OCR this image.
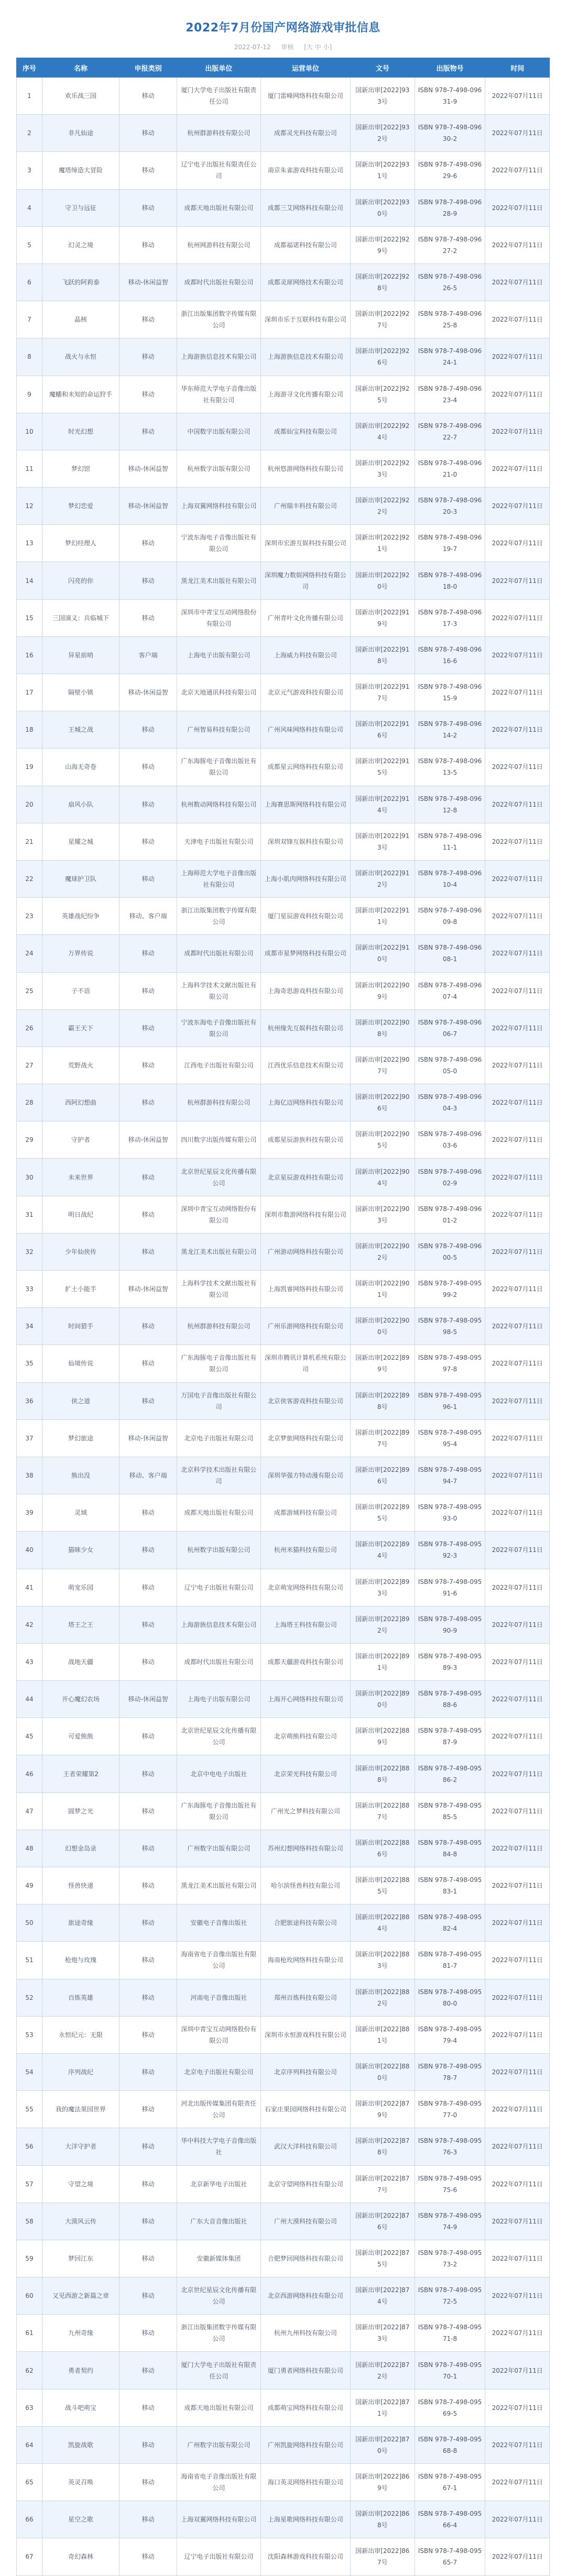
2022年7月份国产网络游戏审批信息
2022-07-12 审核 [大 中 小]
序号	名称	申报类别	出版单位	运营单位	文号	出版物号	时间
1	欢乐战三国	移动	厦门大学电子出版社有限责任公司	厦门雷峰网络科技有限公司	国新出审[2022]933号	ISBN 978-7-498-09631-9	2022年07月11日
2	非凡仙途	移动	杭州群游科技有限公司	成都灵光科技有限公司	国新出审[2022]932号	ISBN 978-7-498-09630-2	2022年07月11日
3	魔塔缔造大冒险	移动	辽宁电子出版社有限责任公司	南京朱雀游戏科技有限公司	国新出审[2022]931号	ISBN 978-7-498-09629-6	2022年07月11日
4	守卫与远征	移动	成都天地出版社有限公司	成都三艾网络科技有限公司	国新出审[2022]930号	ISBN 978-7-498-09628-9	2022年07月11日
5	幻灵之境	移动	杭州网游科技有限公司	成都福诺科技有限公司	国新出审[2022]929号	ISBN 978-7-498-09627-2	2022年07月11日
6	飞跃的阿莉泰	移动-休闲益智	成都时代出版社有限公司	成都灵犀网络技术有限公司	国新出审[2022]928号	ISBN 978-7-498-09626-5	2022年07月11日
7	晶核	移动	浙江出版集团数字传媒有限公司	深圳市乐于互联科技有限公司	国新出审[2022]927号	ISBN 978-7-498-09625-8	2022年07月11日
8	战火与永恒	移动	上海游族信息技术有限公司	上海游族信息技术有限公司	国新出审[2022]926号	ISBN 978-7-498-09624-1	2022年07月11日
9	魔幡和未知的命运狩手	移动	华东师范大学电子音像出版社有限公司	上海游寻文化传播有限公司	国新出审[2022]925号	ISBN 978-7-498-09623-4	2022年07月11日
10	时光幻想	移动	中国数字出版有限公司	成都仙宝科技有限公司	国新出审[2022]924号	ISBN 978-7-498-09622-7	2022年07月11日
11	梦幻馆	移动-休闲益智	杭州数字出版有限公司	杭州悠游网络科技有限公司	国新出审[2022]923号	ISBN 978-7-498-09621-0	2022年07月11日
12	梦幻恋爱	移动-休闲益智	上海双翼网络科技有限公司	广州瑞丰科技有限公司	国新出审[2022]922号	ISBN 978-7-498-09620-3	2022年07月11日
13	梦幻经理人	移动	宁波东海电子音像出版社有限公司	深圳市宏游互娱科技有限公司	国新出审[2022]921号	ISBN 978-7-498-09619-7	2022年07月11日
14	闪亮的你	移动	黑龙江美术出版社有限公司	深圳魔力数娱网络科技有限公司	国新出审[2022]920号	ISBN 978-7-498-09618-0	2022年07月11日
15	三国演义：兵临城下	移动	深圳市中青宝互动网络股份有限公司	广州青叶文化传播有限公司	国新出审[2022]919号	ISBN 978-7-498-09617-3	2022年07月11日
16	异星前哨	客户端	上海电子出版有限公司	上海威力科技有限公司	国新出审[2022]918号	ISBN 978-7-498-09616-6	2022年07月11日
17	隔壁小镇	移动-休闲益智	北京天地通讯科技有限公司	北京元气游戏科技有限公司	国新出审[2022]917号	ISBN 978-7-498-09615-9	2022年07月11日
18	王城之战	移动	广州智易科技有限公司	广州风味网络科技有限公司	国新出审[2022]916号	ISBN 978-7-498-09614-2	2022年07月11日
19	山海无奇卷	移动	广东海豚电子音像出版社有限公司	成都星云网络科技有限公司	国新出审[2022]915号	ISBN 978-7-498-09613-5	2022年07月11日
20	扇风小队	移动	杭州数动网络科技有限公司	上海赛思斯网络科技有限公司	国新出审[2022]914号	ISBN 978-7-498-09612-8	2022年07月11日
21	星耀之城	移动	天津电子出版社有限公司	深圳双锋互娱科技有限公司	国新出审[2022]913号	ISBN 978-7-498-09611-1	2022年07月11日
22	魔球护卫队	移动	上海师范大学电子音像出版社有限公司	上海小肌肉网络科技有限公司	国新出审[2022]912号	ISBN 978-7-498-09610-4	2022年07月11日
23	英雄战纪纷争	移动、客户端	浙江出版集团数字传媒有限公司	厦门星辰游戏科技有限公司	国新出审[2022]911号	ISBN 978-7-498-09609-8	2022年07月11日
24	万界传说	移动	成都时代出版社有限公司	成都市星梦网络科技有限公司	国新出审[2022]910号	ISBN 978-7-498-09608-1	2022年07月11日
25	子不语	移动	上海科学技术文献出版社有限公司	上海奇思游戏科技有限公司	国新出审[2022]909号	ISBN 978-7-498-09607-4	2022年07月11日
26	霸王天下	移动	宁波东海电子音像出版社有限公司	杭州缘先互娱科技有限公司	国新出审[2022]908号	ISBN 978-7-498-09606-7	2022年07月11日
27	荒野战火	移动	江西电子出版社有限公司	江西优乐信息技术有限公司	国新出审[2022]907号	ISBN 978-7-498-09605-0	2022年07月11日
28	西阿幻想曲	移动	杭州群游科技有限公司	上海亿迈网络科技有限公司	国新出审[2022]906号	ISBN 978-7-498-09604-3	2022年07月11日
29	守护者	移动-休闲益智	四川数字出版传媒有限公司	成都星辰游族科技有限公司	国新出审[2022]905号	ISBN 978-7-498-09603-6	2022年07月11日
30	未来世界	移动	北京世纪星辰文化传播有限公司	北京星辰游戏科技有限公司	国新出审[2022]904号	ISBN 978-7-498-09602-9	2022年07月11日
31	明日战纪	移动	深圳中青宝互动网络股份有限公司	深圳市数游网络科技有限公司	国新出审[2022]903号	ISBN 978-7-498-09601-2	2022年07月11日
32	少年仙侠传	移动	黑龙江美术出版社有限公司	广州游动网络科技有限公司	国新出审[2022]902号	ISBN 978-7-498-09600-5	2022年07月11日
33	扩土小能手	移动-休闲益智	上海科学技术文献出版社有限公司	上海凯睿网络科技有限公司	国新出审[2022]901号	ISBN 978-7-498-09599-2	2022年07月11日
34	时间猎手	移动	杭州群游科技有限公司	广州乐游网络科技有限公司	国新出审[2022]900号	ISBN 978-7-498-09598-5	2022年07月11日
35	仙境传说	移动	广东海豚电子音像出版社有限公司	深圳市腾讯计算机系统有限公司	国新出审[2022]899号	ISBN 978-7-498-09597-8	2022年07月11日
36	侠之道	移动	万国电子音像出版社有限公司	北京侠客游戏科技有限公司	国新出审[2022]898号	ISBN 978-7-498-09596-1	2022年07月11日
37	梦幻旅途	移动-休闲益智	北京电子出版社有限公司	北京梦旅网络科技有限公司	国新出审[2022]897号	ISBN 978-7-498-09595-4	2022年07月11日
38	熊出没	移动、客户端	北京科学技术出版社有限公司	深圳华强方特动漫有限公司	国新出审[2022]896号	ISBN 978-7-498-09594-7	2022年07月11日
39	灵域	移动	成都天地出版社有限公司	成都游域科技有限公司	国新出审[2022]895号	ISBN 978-7-498-09593-0	2022年07月11日
40	猫咪少女	移动	杭州数字出版有限公司	杭州米猫科技有限公司	国新出审[2022]894号	ISBN 978-7-498-09592-3	2022年07月11日
41	萌宠乐园	移动	辽宁电子出版社有限公司	北京萌宠网络科技有限公司	国新出审[2022]893号	ISBN 978-7-498-09591-6	2022年07月11日
42	塔王之王	移动	上海游族信息技术有限公司	上海塔王科技有限公司	国新出审[2022]892号	ISBN 978-7-498-09590-9	2022年07月11日
43	战地天疆	移动	成都时代出版社有限公司	成都天疆游戏科技有限公司	国新出审[2022]891号	ISBN 978-7-498-09589-3	2022年07月11日
44	开心魔幻农场	移动-休闲益智	上海电子出版有限公司	上海开心网络科技有限公司	国新出审[2022]890号	ISBN 978-7-498-09588-6	2022年07月11日
45	可爱熊熊	移动	北京世纪星辰文化传播有限公司	北京萌熊科技有限公司	国新出审[2022]889号	ISBN 978-7-498-09587-9	2022年07月11日
46	王者荣耀第2	移动	北京中电电子出版社	北京荣光科技有限公司	国新出审[2022]888号	ISBN 978-7-498-09586-2	2022年07月11日
47	圆梦之光	移动	广东海豚电子音像出版社有限公司	广州光之梦科技有限公司	国新出审[2022]887号	ISBN 978-7-498-09585-5	2022年07月11日
48	幻想金岛录	移动	广州数字出版有限公司	苏州幻想网络科技有限公司	国新出审[2022]886号	ISBN 978-7-498-09584-8	2022年07月11日
49	怪兽快递	移动	黑龙江美术出版社有限公司	哈尔滨怪兽科技有限公司	国新出审[2022]885号	ISBN 978-7-498-09583-1	2022年07月11日
50	旅途奇缘	移动	安徽电子音像出版社	合肥旅途科技有限公司	国新出审[2022]884号	ISBN 978-7-498-09582-4	2022年07月11日
51	枪炮与玫瑰	移动	海南省电子音像出版社有限公司	海南枪玫网络科技有限公司	国新出审[2022]883号	ISBN 978-7-498-09581-7	2022年07月11日
52	百炼英雄	移动	河南电子音像出版社	郑州百炼科技有限公司	国新出审[2022]882号	ISBN 978-7-498-09580-0	2022年07月11日
53	永恒纪元：无限	移动	深圳中青宝互动网络股份有限公司	深圳市永恒游戏科技有限公司	国新出审[2022]881号	ISBN 978-7-498-09579-4	2022年07月11日
54	序列战纪	移动	北京电子出版社有限公司	北京序列科技有限公司	国新出审[2022]880号	ISBN 978-7-498-09578-7	2022年07月11日
55	我的魔法果园世界	移动	河北出版传媒集团有限责任公司	石家庄果园网络科技有限公司	国新出审[2022]879号	ISBN 978-7-498-09577-0	2022年07月11日
56	大洋守护者	移动	华中科技大学电子音像出版社	武汉大洋科技有限公司	国新出审[2022]878号	ISBN 978-7-498-09576-3	2022年07月11日
57	守望之境	移动	北京新华电子出版社	北京守望网络科技有限公司	国新出审[2022]877号	ISBN 978-7-498-09575-6	2022年07月11日
58	大漠风云传	移动	广东大音音像出版社	广州大漠科技有限公司	国新出审[2022]876号	ISBN 978-7-498-09574-9	2022年07月11日
59	梦回江东	移动	安徽新媒体集团	合肥梦回网络科技有限公司	国新出审[2022]875号	ISBN 978-7-498-09573-2	2022年07月11日
60	又见西游之新篇之章	移动	北京世纪星辰文化传播有限公司	北京西游网络科技有限公司	国新出审[2022]874号	ISBN 978-7-498-09572-5	2022年07月11日
61	九州奇缘	移动	浙江出版集团数字传媒有限公司	杭州九州科技有限公司	国新出审[2022]873号	ISBN 978-7-498-09571-8	2022年07月11日
62	勇者契约	移动	厦门大学电子出版社有限责任公司	厦门勇者网络科技有限公司	国新出审[2022]872号	ISBN 978-7-498-09570-1	2022年07月11日
63	战斗吧萌宝	移动	成都天地出版社有限公司	成都萌宝网络科技有限公司	国新出审[2022]871号	ISBN 978-7-498-09569-5	2022年07月11日
64	凯旋战歌	移动	广州数字出版有限公司	广州凯旋网络科技有限公司	国新出审[2022]870号	ISBN 978-7-498-09568-8	2022年07月11日
65	英灵召唤	移动	海南省电子音像出版社有限公司	海口英灵网络科技有限公司	国新出审[2022]869号	ISBN 978-7-498-09567-1	2022年07月11日
66	星空之歌	移动	上海双翼网络科技有限公司	上海星歌网络科技有限公司	国新出审[2022]868号	ISBN 978-7-498-09566-4	2022年07月11日
67	奇幻森林	移动	辽宁电子出版社有限公司	沈阳森林游戏科技有限公司	国新出审[2022]867号	ISBN 978-7-498-09565-7	2022年07月11日
